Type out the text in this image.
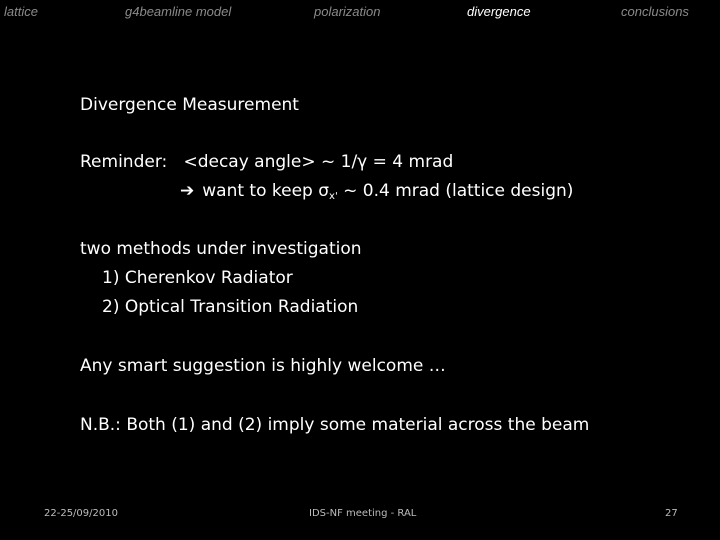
lattice	g4beamline model	polarization	divergence	conclusions
Divergence Measurement
Reminder: <decay angle> ~ 1/γ = 4 mrad
➔ want to keep $\sigma_{x'}$ ~ 0.4 mrad (lattice design)
two methods under investigation
1) Cherenkov Radiator
2) Optical Transition Radiation
Any smart suggestion is highly welcome …
N.B.: Both (1) and (2) imply some material across the beam
22-25/09/2010	IDS-NF meeting - RAL	27
